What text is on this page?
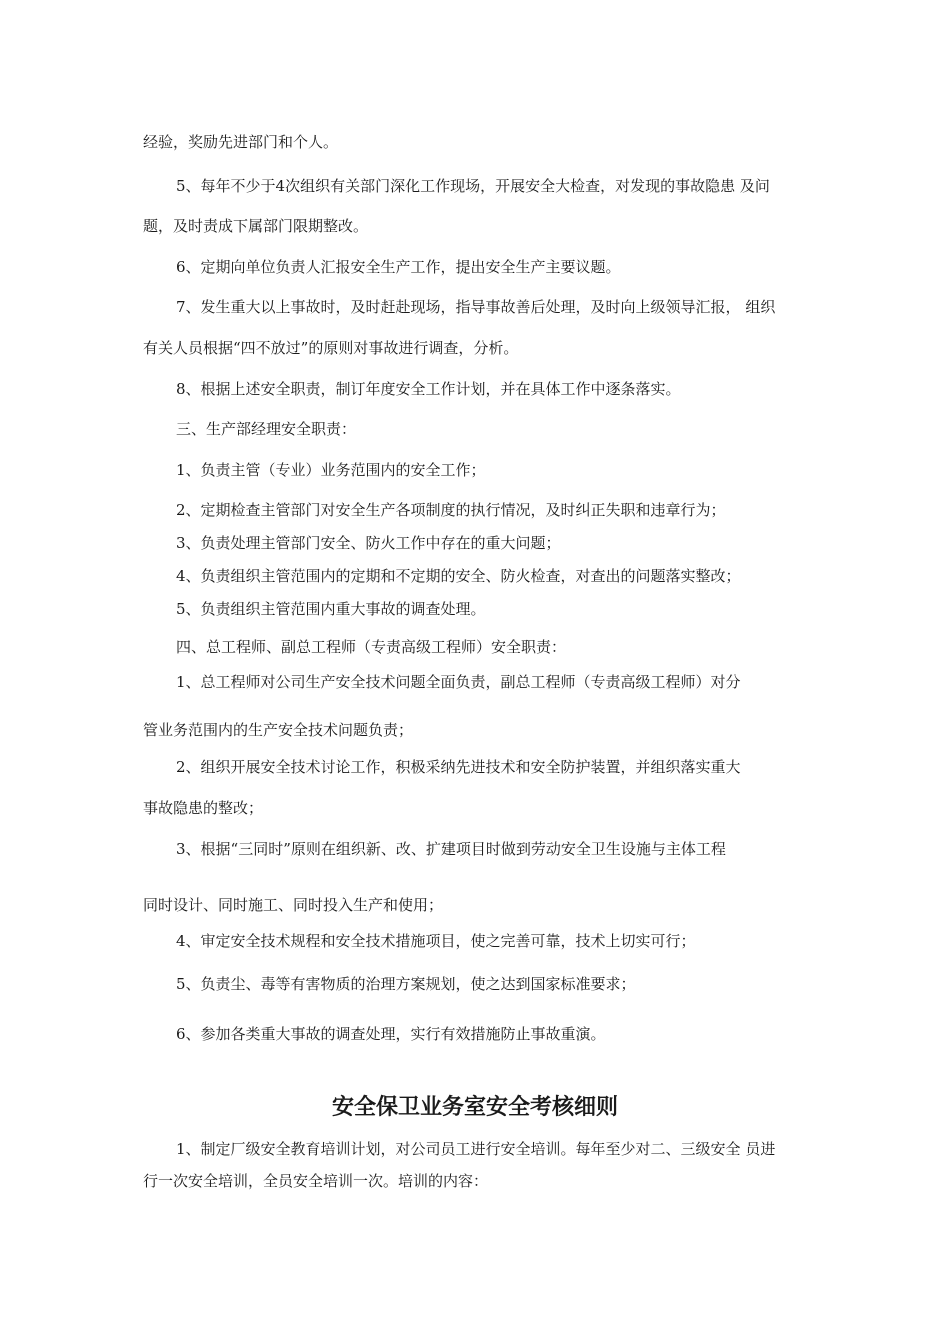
经验，奖励先进部门和个人。

5、每年不少于4次组织有关部门深化工作现场，开展安全大检查，对发现的事故隐患 及问

题，及时责成下属部门限期整改。

6、定期向单位负责人汇报安全生产工作，提出安全生产主要议题。

7、发生重大以上事故时，及时赶赴现场，指导事故善后处理，及时向上级领导汇报， 组织

有关人员根据“四不放过”的原则对事故进行调查，分析。

8、根据上述安全职责，制订年度安全工作计划，并在具体工作中逐条落实。

三、生产部经理安全职责：

1、负责主管（专业）业务范围内的安全工作；

2、定期检查主管部门对安全生产各项制度的执行情况，及时纠正失职和违章行为；

3、负责处理主管部门安全、防火工作中存在的重大问题；

4、负责组织主管范围内的定期和不定期的安全、防火检查，对查出的问题落实整改；

5、负责组织主管范围内重大事故的调查处理。

四、总工程师、副总工程师（专责高级工程师）安全职责：

1、总工程师对公司生产安全技术问题全面负责，副总工程师（专责高级工程师）对分

管业务范围内的生产安全技术问题负责；

2、组织开展安全技术讨论工作，积极采纳先进技术和安全防护装置，并组织落实重大

事故隐患的整改；

3、根据“三同时”原则在组织新、改、扩建项目时做到劳动安全卫生设施与主体工程

同时设计、同时施工、同时投入生产和使用；

4、审定安全技术规程和安全技术措施项目，使之完善可靠，技术上切实可行；

5、负责尘、毒等有害物质的治理方案规划，使之达到国家标准要求；

6、参加各类重大事故的调查处理，实行有效措施防止事故重演。

安全保卫业务室安全考核细则

1、制定厂级安全教育培训计划，对公司员工进行安全培训。每年至少对二、三级安全 员进

行一次安全培训，全员安全培训一次。培训的内容：
